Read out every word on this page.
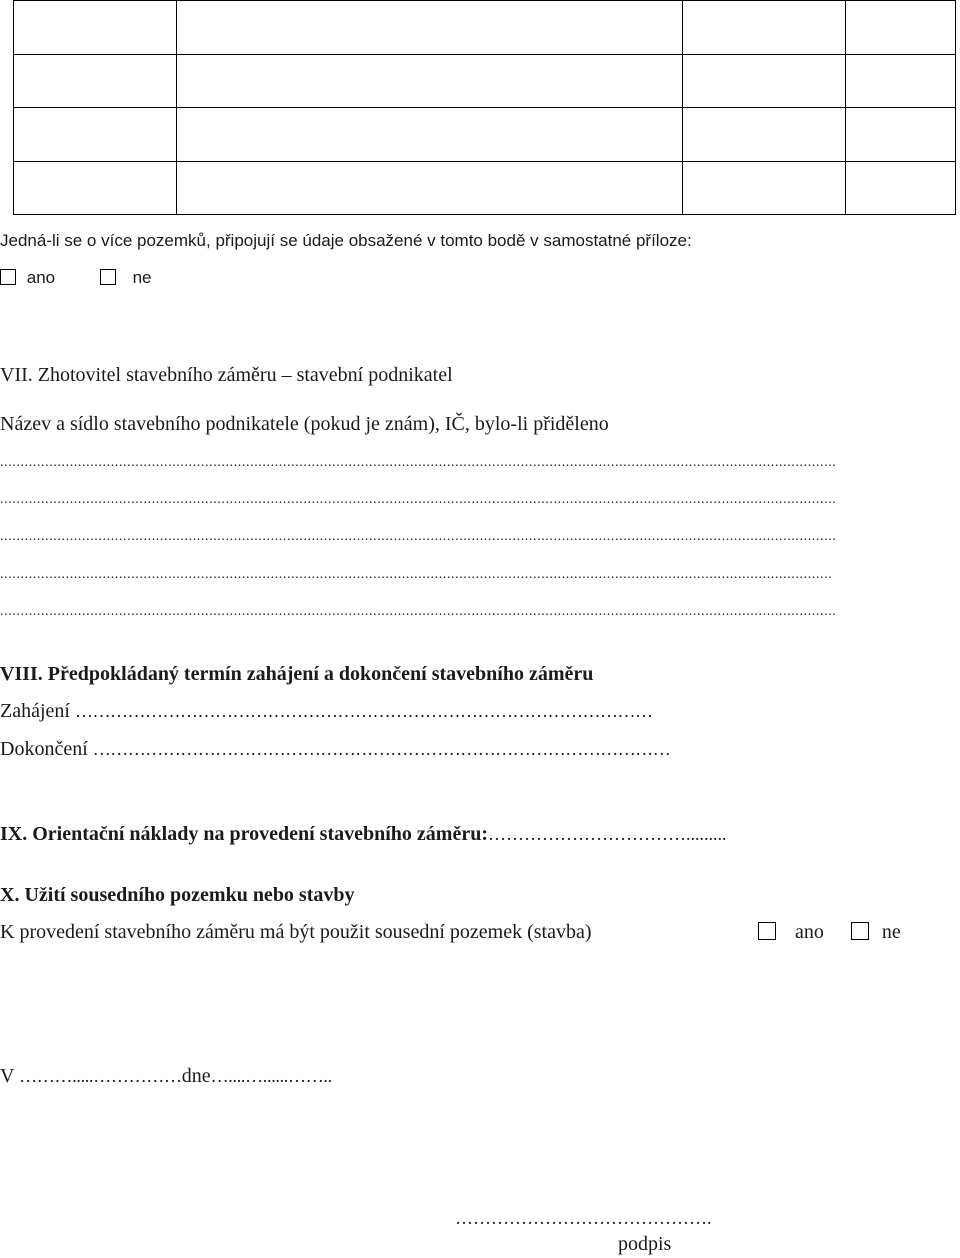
Jedná-li se o více pozemků, připojují se údaje obsažené v tomto bodě v samostatné příloze:
ano	ne
VII. Zhotovitel stavebního záměru – stavební podnikatel
Název a sídlo stavebního podnikatele (pokud je znám), IČ, bylo-li přiděleno
............................................................................................................................................................................................................
............................................................................................................................................................................................................
............................................................................................................................................................................................................
...........................................................................................................................................................................................................
............................................................................................................................................................................................................
VIII. Předpokládaný termín zahájení a dokončení stavebního záměru
Zahájení ………………………………………………………………………………………
Dokončení ………………………………………………………………………………………
IX. Orientační náklady na provedení stavebního záměru:…………………………….........
X. Užití sousedního pozemku nebo stavby
K provedení stavebního záměru má být použit sousední pozemek (stavba)	ano	ne
V ……….....……………dne…....…......……..
…………………………………….
podpis
